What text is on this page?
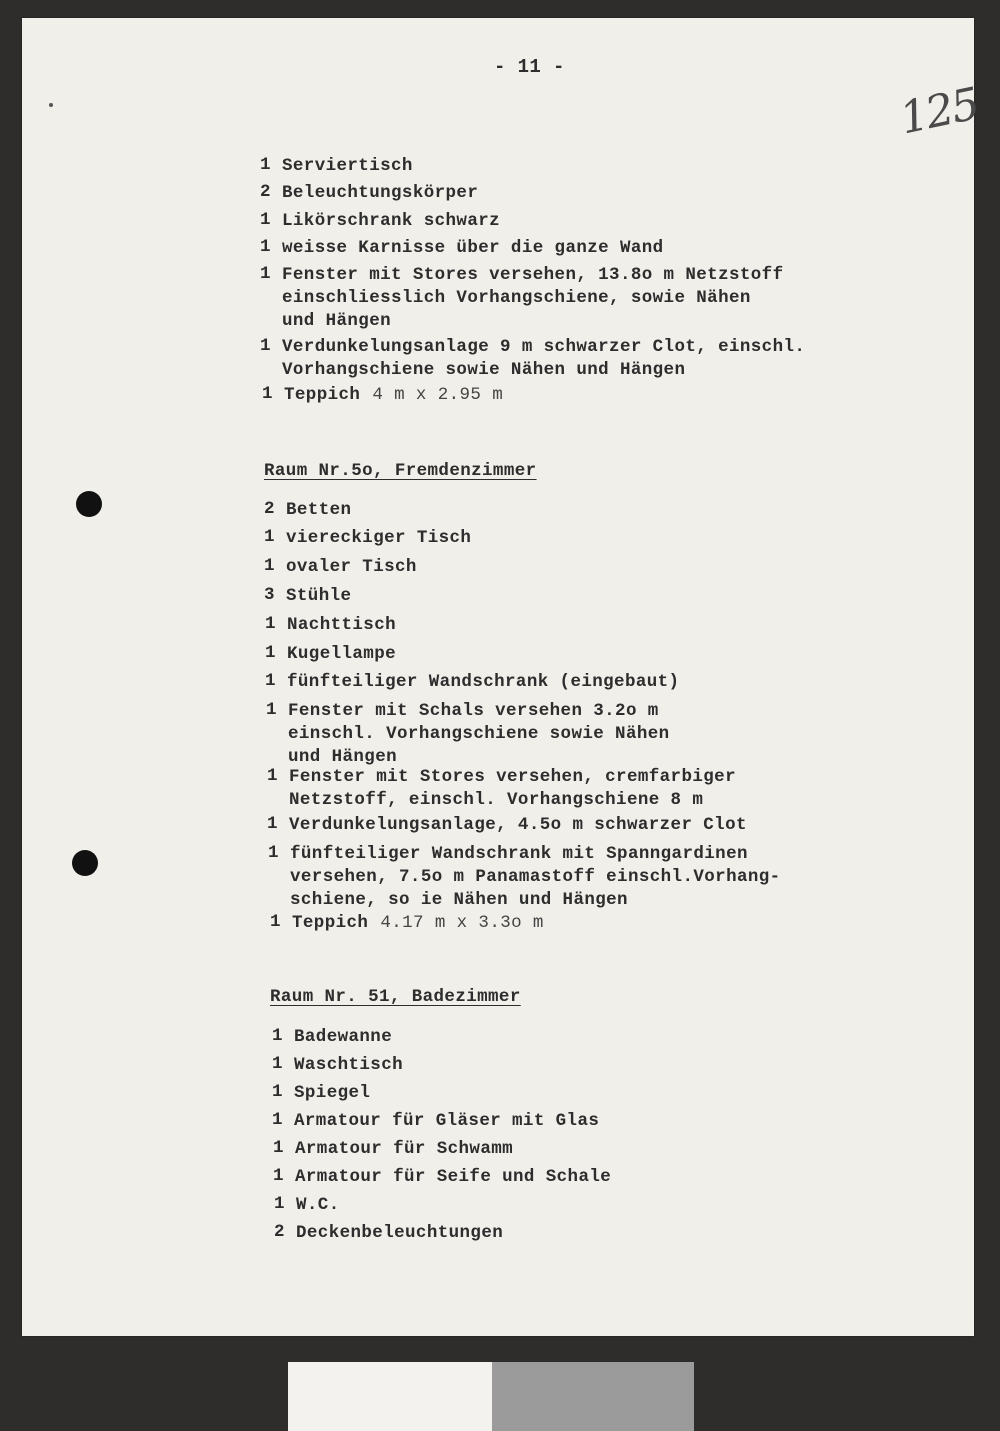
- 11 -
125
1 Serviertisch
2 Beleuchtungskörper
1 Likörschrank schwarz
1 weisse Karnisse über die ganze Wand
1 Fenster mit Stores versehen, 13.8o m Netzstoff
einschliesslich Vorhangschiene, sowie Nähen
und Hängen
1 Verdunkelungsanlage 9 m schwarzer Clot, einschl.
Vorhangschiene sowie Nähen und Hängen
1 Teppich 4 m x 2.95 m
Raum Nr.5o, Fremdenzimmer
2 Betten
1 viereckiger Tisch
1 ovaler Tisch
3 Stühle
1 Nachttisch
1 Kugellampe
1 fünfteiliger Wandschrank (eingebaut)
1 Fenster mit Schals versehen 3.2o m
einschl. Vorhangschiene sowie Nähen
und Hängen
1 Fenster mit Stores versehen, cremfarbiger
Netzstoff, einschl. Vorhangschiene 8 m
1 Verdunkelungsanlage, 4.5o m schwarzer Clot
1 fünfteiliger Wandschrank mit Spanngardinen
versehen, 7.5o m Panamastoff einschl.Vorhang-
schiene, so ie Nähen und Hängen
1 Teppich 4.17 m x 3.3o m
Raum Nr. 51, Badezimmer
1 Badewanne
1 Waschtisch
1 Spiegel
1 Armatour für Gläser mit Glas
1 Armatour für Schwamm
1 Armatour für Seife und Schale
1 W.C.
2 Deckenbeleuchtungen
